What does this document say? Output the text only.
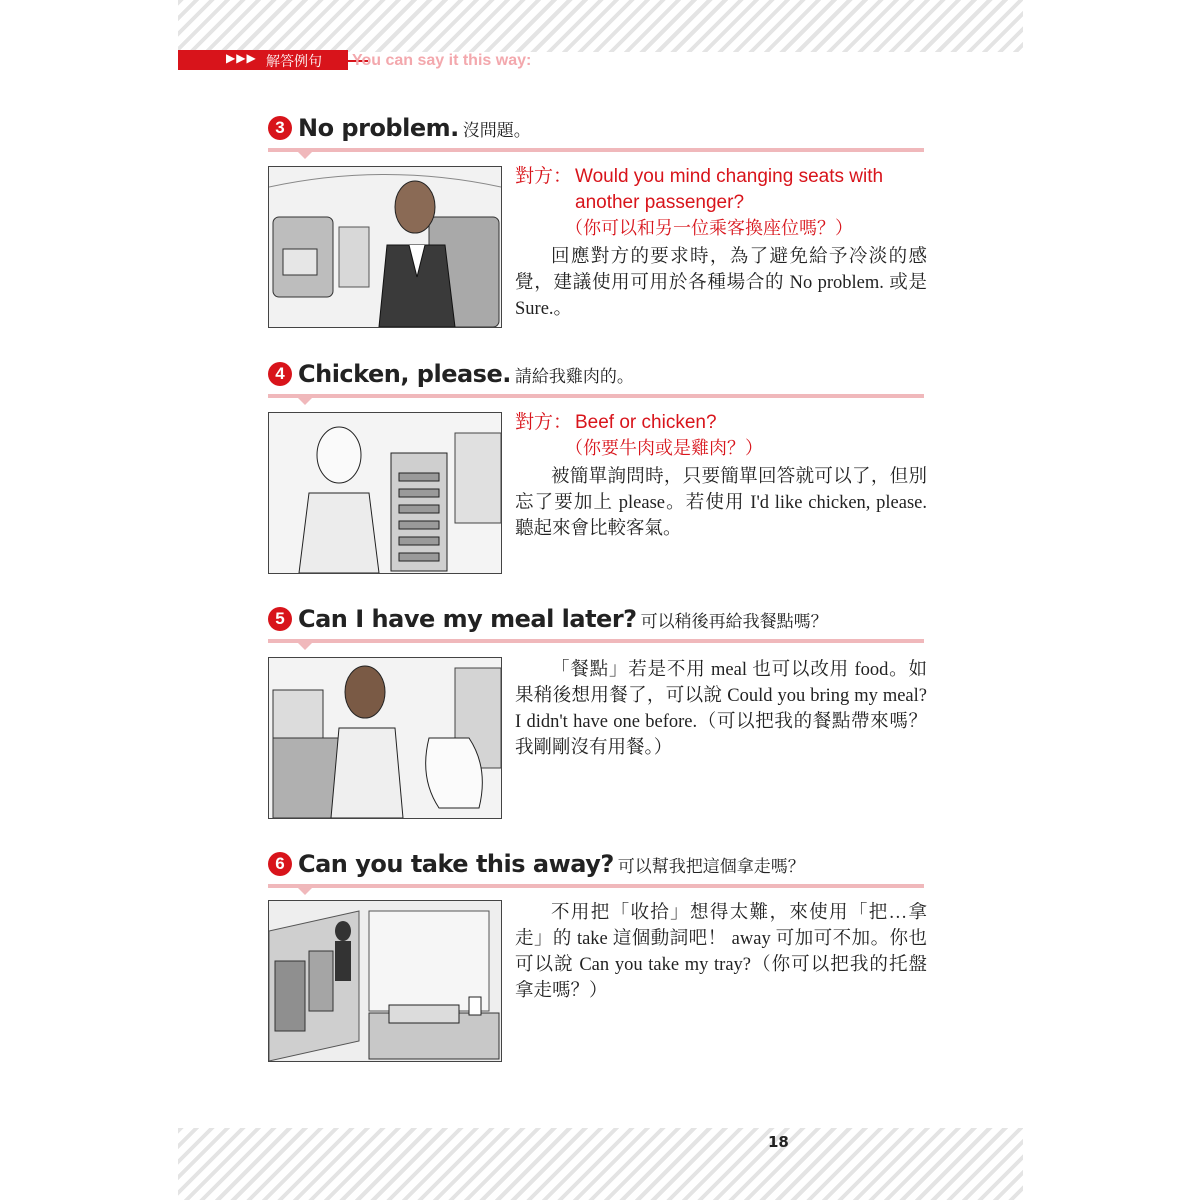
▶▶▶ 解答例句 You can say it this way:
3 No problem. 沒問題。
對方： Would you mind changing seats with
another passenger?
（你可以和另一位乘客換座位嗎？）
回應對方的要求時，為了避免給予冷淡的感覺，建議使用可用於各種場合的 No problem. 或是 Sure.。
4 Chicken, please. 請給我雞肉的。
對方： Beef or chicken?
（你要牛肉或是雞肉？）
被簡單詢問時，只要簡單回答就可以了，但別忘了要加上 please。若使用 I'd like chicken, please. 聽起來會比較客氣。
5 Can I have my meal later? 可以稍後再給我餐點嗎？
「餐點」若是不用 meal 也可以改用 food。如果稍後想用餐了，可以說 Could you bring my meal? I didn't have one before.（可以把我的餐點帶來嗎？我剛剛沒有用餐。）
6 Can you take this away? 可以幫我把這個拿走嗎？
不用把「收拾」想得太難，來使用「把…拿走」的 take 這個動詞吧！ away 可加可不加。你也可以說 Can you take my tray?（你可以把我的托盤拿走嗎？）
18
